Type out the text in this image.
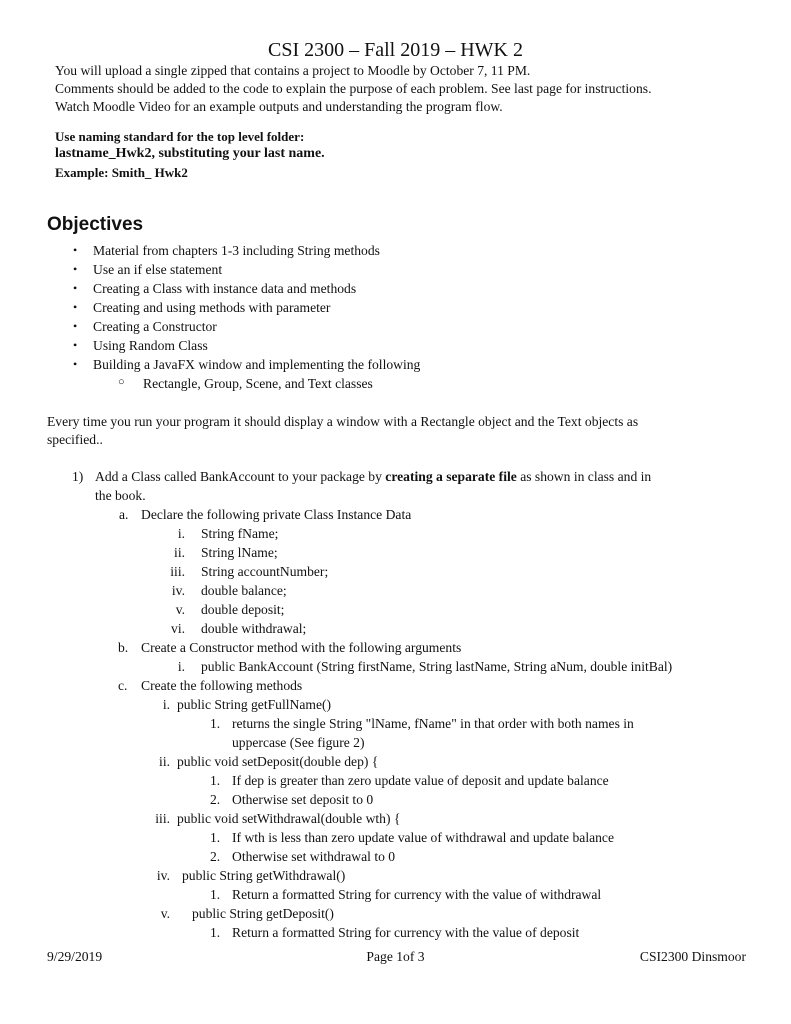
CSI 2300 – Fall 2019 – HWK 2
You will upload a single zipped that contains a project to Moodle by October 7, 11 PM.
Comments should be added to the code to explain the purpose of each problem. See last page for instructions.
Watch Moodle Video for an example outputs and understanding the program flow.
Use naming standard for the top level folder:
lastname_Hwk2, substituting your last name.
Example: Smith_ Hwk2
Objectives
• Material from chapters 1-3 including String methods
• Use an if else statement
• Creating a Class with instance data and methods
• Creating and using methods with parameter
• Creating a Constructor
• Using Random Class
• Building a JavaFX window and implementing the following
○ Rectangle, Group, Scene, and Text classes
Every time you run your program it should display a window with a Rectangle object and the Text objects as
specified..
1) Add a Class called BankAccount to your package by creating a separate file as shown in class and in
the book.
a. Declare the following private Class Instance Data
i. String fName;
ii. String lName;
iii. String accountNumber;
iv. double balance;
v. double deposit;
vi. double withdrawal;
b. Create a Constructor method with the following arguments
i. public BankAccount (String firstName, String lastName, String aNum, double initBal)
c. Create the following methods
i. public String getFullName()
1. returns the single String "lName, fName" in that order with both names in
uppercase (See figure 2)
ii. public void setDeposit(double dep) {
1. If dep is greater than zero update value of deposit and update balance
2. Otherwise set deposit to 0
iii. public void setWithdrawal(double wth) {
1. If wth is less than zero update value of withdrawal and update balance
2. Otherwise set withdrawal to 0
iv. public String getWithdrawal()
1. Return a formatted String for currency with the value of withdrawal
v. public String getDeposit()
1. Return a formatted String for currency with the value of deposit
9/29/2019	Page 1of 3	CSI2300 Dinsmoor
